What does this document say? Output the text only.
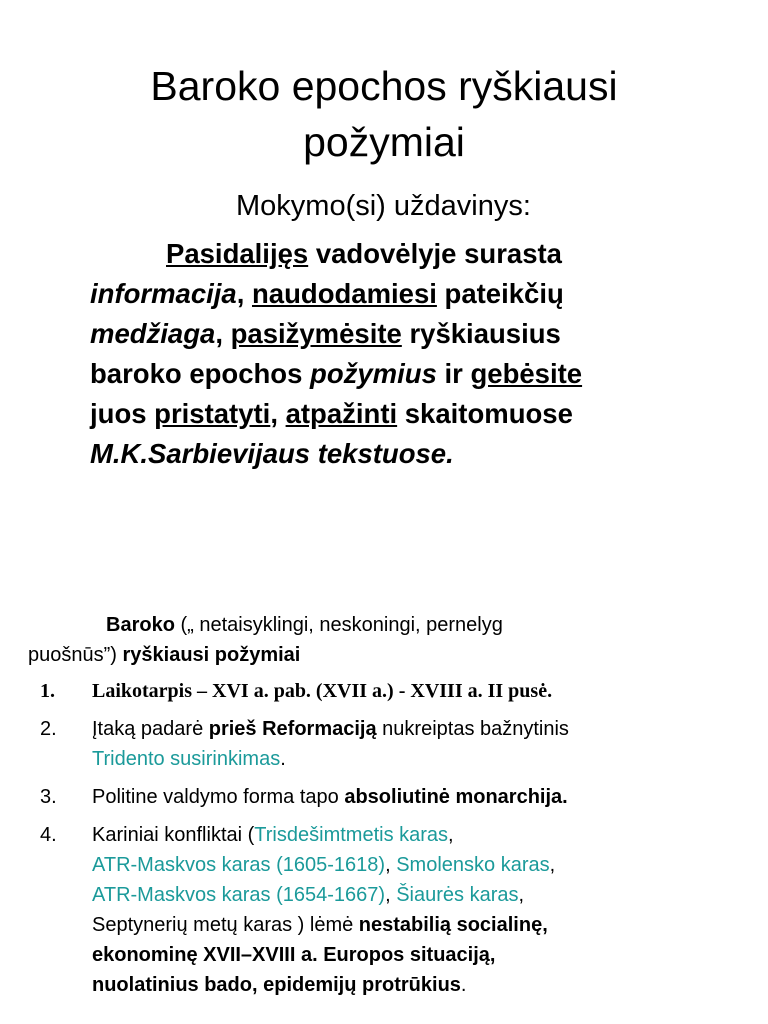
Baroko epochos ryškiausi
požymiai
Mokymo(si) uždavinys:
Pasidalijęs vadovėlyje surasta
informacija, naudodamiesi pateikčių
medžiaga, pasižymėsite ryškiausius
baroko epochos požymius ir gebėsite
juos pristatyti, atpažinti skaitomuose
M.K.Sarbievijaus tekstuose.
Baroko („ netaisyklingi, neskoningi, pernelyg
puošnūs”) ryškiausi požymiai
1. Laikotarpis – XVI a. pab. (XVII a.) - XVIII a. II pusė.
2. Įtaką padarė prieš Reformaciją nukreiptas bažnytinis
Tridento susirinkimas.
3. Politine valdymo forma tapo absoliutinė monarchija.
4. Kariniai konfliktai (Trisdešimtmetis karas,
ATR-Maskvos karas (1605-1618), Smolensko karas,
ATR-Maskvos karas (1654-1667), Šiaurės karas,
Septynerių metų karas ) lėmė nestabilią socialinę,
ekonominę XVII–XVIII a. Europos situaciją,
nuolatinius bado, epidemijų protrūkius.
